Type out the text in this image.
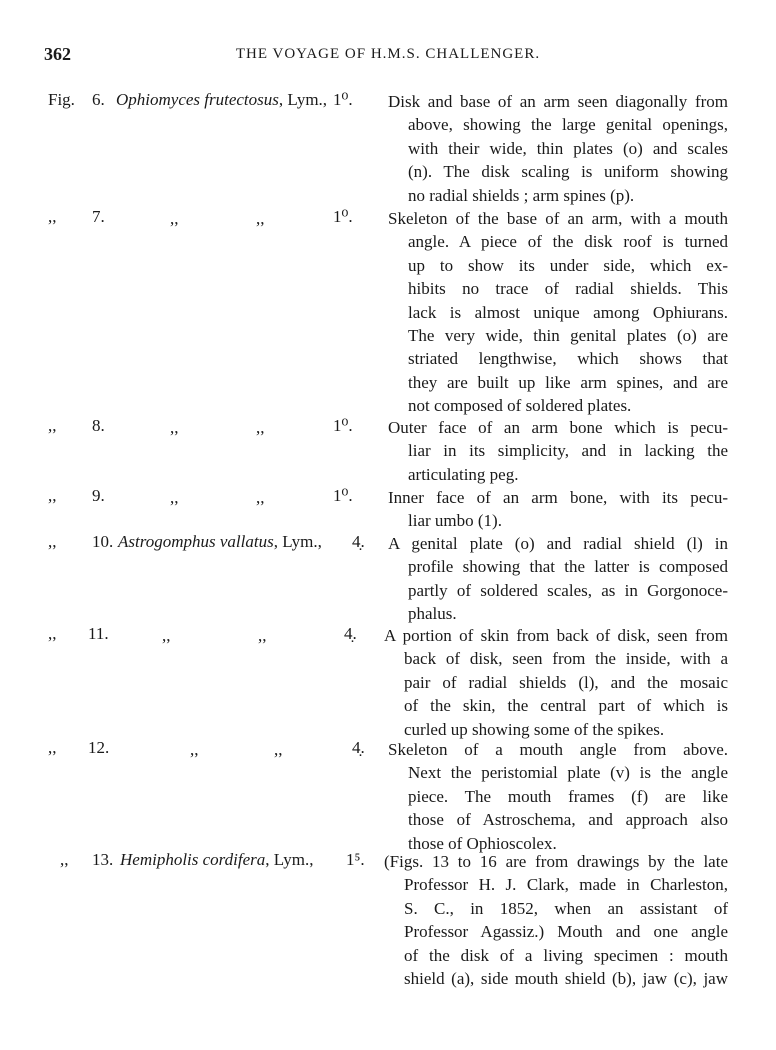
362	THE VOYAGE OF H.M.S. CHALLENGER.
Fig. 6. Ophiomyces frutectosus, Lym., 1⁰. Disk and base of an arm seen diagonally from
above, showing the large genital openings,
with their wide, thin plates (o) and scales
(n). The disk scaling is uniform showing
no radial shields ; arm spines (p).
,, 7.	,,	,,	1⁰. Skeleton of the base of an arm, with a mouth
angle. A piece of the disk roof is turned
up to show its under side, which ex-
hibits no trace of radial shields. This
lack is almost unique among Ophiurans.
The very wide, thin genital plates (o) are
striated lengthwise, which shows that
they are built up like arm spines, and are
not composed of soldered plates.
,, 8.	,,	,,	1⁰. Outer face of an arm bone which is pecu-
liar in its simplicity, and in lacking the
articulating peg.
,, 9.	,,	,,	1⁰. Inner face of an arm bone, with its pecu-
liar umbo (1).
,, 10. Astrogomphus vallatus, Lym., 4̣. A genital plate (o) and radial shield (l) in
profile showing that the latter is composed
partly of soldered scales, as in Gorgonoce-
phalus.
,, 11.	,,	,,	4̣. A portion of skin from back of disk, seen from
back of disk, seen from the inside, with a
pair of radial shields (l), and the mosaic
of the skin, the central part of which is
curled up showing some of the spikes.
,, 12.	,,	,,	4̣. Skeleton of a mouth angle from above.
Next the peristomial plate (v) is the angle
piece. The mouth frames (f) are like
those of Astroschema, and approach also
those of Ophioscolex.
,, 13. Hemipholis cordifera, Lym., 1⁵. (Figs. 13 to 16 are from drawings by the late
Professor H. J. Clark, made in Charleston,
S. C., in 1852, when an assistant of
Professor Agassiz.) Mouth and one angle
of the disk of a living specimen : mouth
shield (a), side mouth shield (b), jaw (c), jaw
